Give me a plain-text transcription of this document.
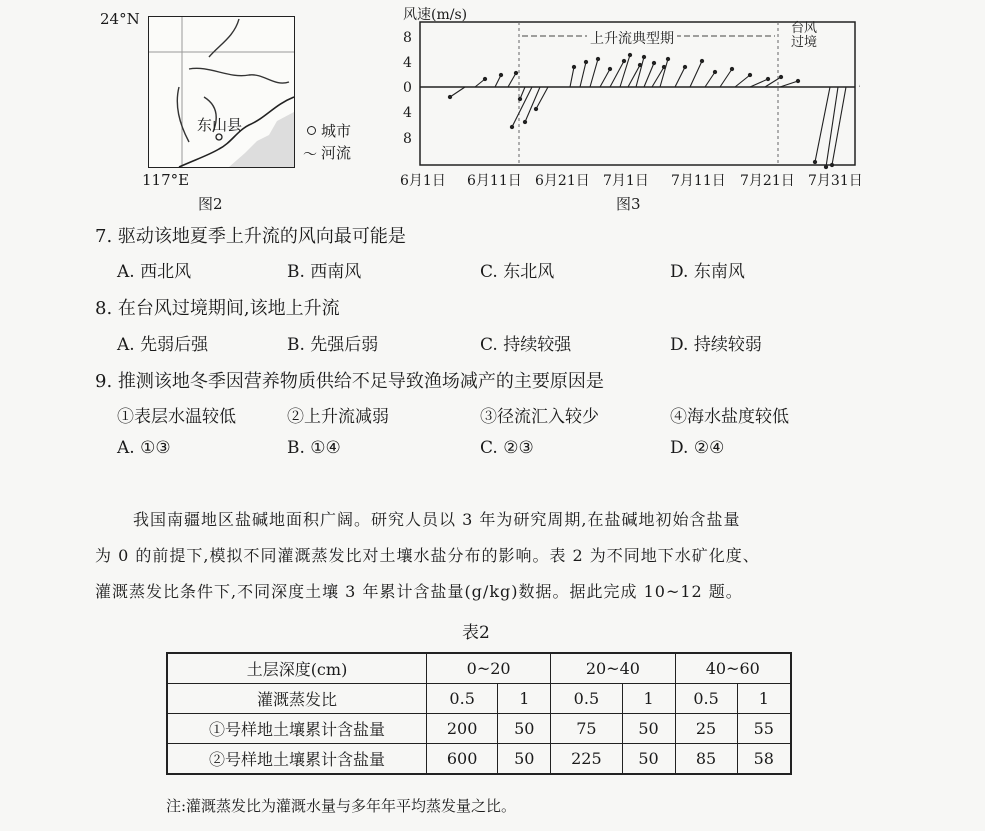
24°N
东山县	城市
〜 河流
117°E
图2
风速(m/s)
上升流典型期
台风过境
8
4
0
4
8
6月1日 6月11日 6月21日 7月1日 7月11日 7月21日 7月31日
图3
7. 驱动该地夏季上升流的风向最可能是
A. 西北风	B. 西南风	C. 东北风	D. 东南风
8. 在台风过境期间,该地上升流
A. 先弱后强	B. 先强后弱	C. 持续较强	D. 持续较弱
9. 推测该地冬季因营养物质供给不足导致渔场减产的主要原因是
①表层水温较低	②上升流减弱	③径流汇入较少	④海水盐度较低
A. ①③	B. ①④	C. ②③	D. ②④
我国南疆地区盐碱地面积广阔。研究人员以 3 年为研究周期,在盐碱地初始含盐量
为 0 的前提下,模拟不同灌溉蒸发比对土壤水盐分布的影响。表 2 为不同地下水矿化度、
灌溉蒸发比条件下,不同深度土壤 3 年累计含盐量(g/kg)数据。据此完成 10~12 题。
表2
土层深度(cm)	0~20		20~40		40~60	
灌溉蒸发比	0.5	1	0.5	1	0.5	1
①号样地土壤累计含盐量	200	50	75	50	25	55
②号样地土壤累计含盐量	600	50	225	50	85	58
注:灌溉蒸发比为灌溉水量与多年年平均蒸发量之比。
